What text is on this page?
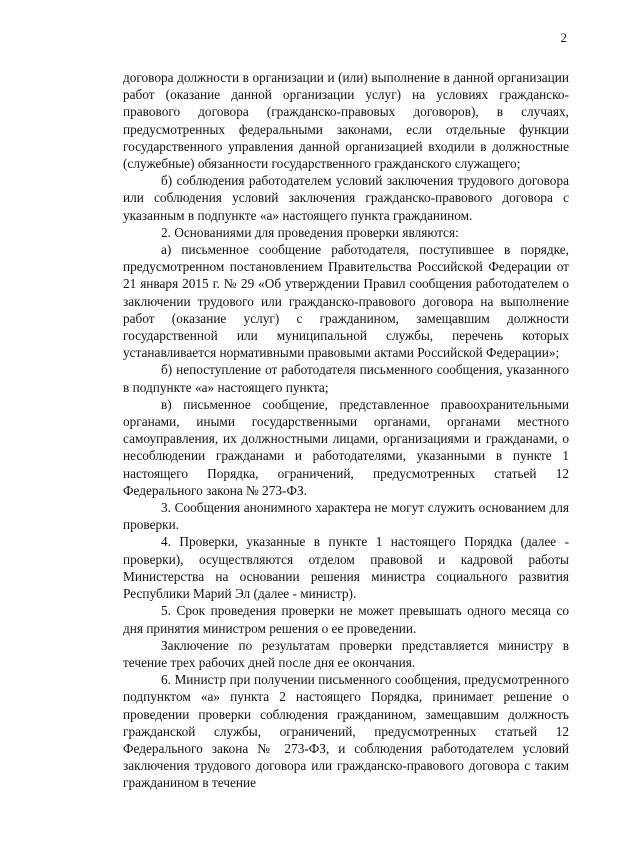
2

договора должности в организации и (или) выполнение в данной организации работ (оказание данной организации услуг) на условиях гражданско-правового договора (гражданско-правовых договоров), в случаях, предусмотренных федеральными законами, если отдельные функции государственного управления данной организацией входили в должностные (служебные) обязанности государственного гражданского служащего;

б) соблюдения работодателем условий заключения трудового договора или соблюдения условий заключения гражданско-правового договора с указанным в подпункте «а» настоящего пункта гражданином.

2. Основаниями для проведения проверки являются:

а) письменное сообщение работодателя, поступившее в порядке, предусмотренном постановлением Правительства Российской Федерации от 21 января 2015 г. № 29 «Об утверждении Правил сообщения работодателем о заключении трудового или гражданско-правового договора на выполнение работ (оказание услуг) с гражданином, замещавшим должности государственной или муниципальной службы, перечень которых устанавливается нормативными правовыми актами Российской Федерации»;

б) непоступление от работодателя письменного сообщения, указанного в подпункте «а» настоящего пункта;

в) письменное сообщение, представленное правоохранительными органами, иными государственными органами, органами местного самоуправления, их должностными лицами, организациями и гражданами, о несоблюдении гражданами и работодателями, указанными в пункте 1 настоящего Порядка, ограничений, предусмотренных статьей 12 Федерального закона № 273-ФЗ.

3. Сообщения анонимного характера не могут служить основанием для проверки.

4. Проверки, указанные в пункте 1 настоящего Порядка (далее - проверки), осуществляются отделом правовой и кадровой работы Министерства на основании решения министра социального развития Республики Марий Эл (далее - министр).

5. Срок проведения проверки не может превышать одного месяца со дня принятия министром решения о ее проведении.

Заключение по результатам проверки представляется министру в течение трех рабочих дней после дня ее окончания.

6. Министр при получении письменного сообщения, предусмотренного подпунктом «а» пункта 2 настоящего Порядка, принимает решение о проведении проверки соблюдения гражданином, замещавшим должность гражданской службы, ограничений, предусмотренных статьей 12 Федерального закона № 273-ФЗ, и соблюдения работодателем условий заключения трудового договора или гражданско-правового договора с таким гражданином в течение
